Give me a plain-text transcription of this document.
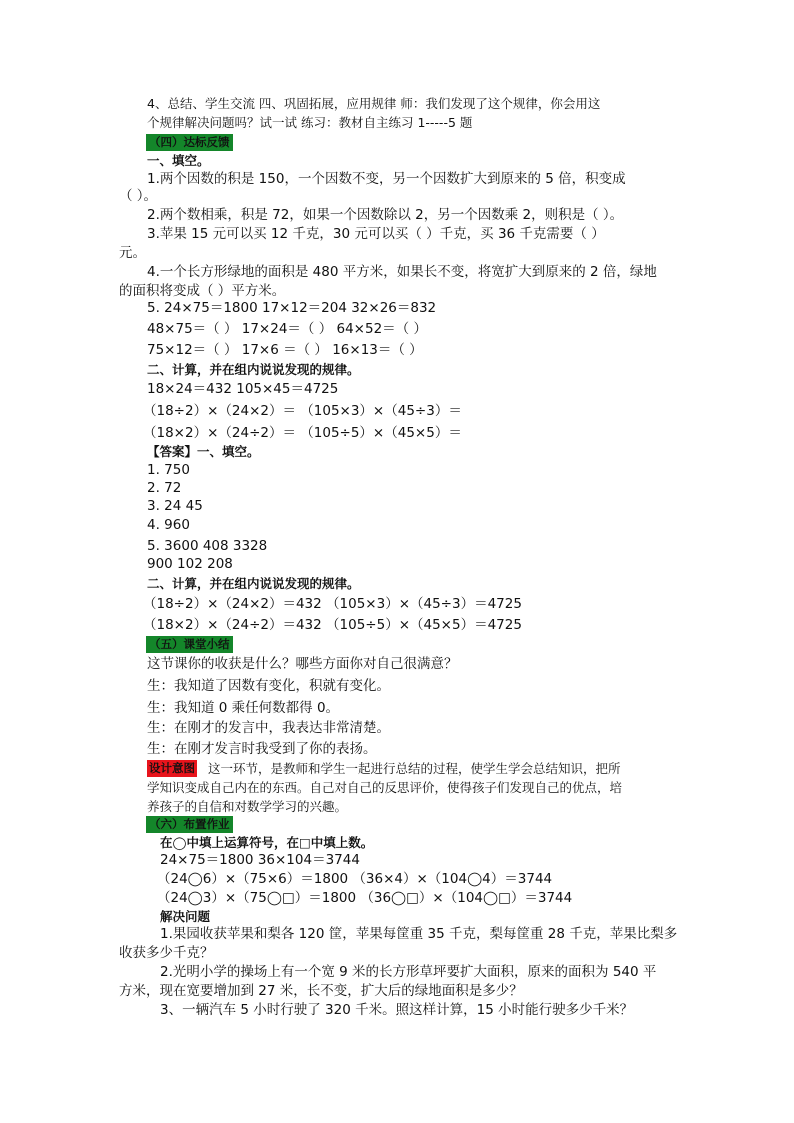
4、总结、学生交流 四、巩固拓展，应用规律 师：我们发现了这个规律，你会用这
个规律解决问题吗？试一试 练习：教材自主练习 1-----5 题
（四）达标反馈
一、填空。
1.两个因数的积是 150，一个因数不变，另一个因数扩大到原来的 5 倍，积变成
（ ）。
2.两个数相乘，积是 72，如果一个因数除以 2，另一个因数乘 2，则积是（ ）。
3.苹果 15 元可以买 12 千克，30 元可以买（ ）千克，买 36 千克需要（ ）
元。
4.一个长方形绿地的面积是 480 平方米，如果长不变，将宽扩大到原来的 2 倍，绿地
的面积将变成（ ）平方米。
5. 24×75＝1800 17×12＝204 32×26＝832
48×75＝（ ） 17×24＝（ ） 64×52＝（ ）
75×12＝（ ） 17×6 ＝（ ） 16×13＝（ ）
二、计算，并在组内说说发现的规律。
18×24＝432 105×45＝4725
（18÷2）×（24×2）＝ （105×3）×（45÷3）＝
（18×2）×（24÷2）＝ （105÷5）×（45×5）＝
【答案】一、填空。
1. 750
2. 72
3. 24 45
4. 960
5. 3600 408 3328
900 102 208
二、计算，并在组内说说发现的规律。
（18÷2）×（24×2）＝432 （105×3）×（45÷3）＝4725
（18×2）×（24÷2）＝432 （105÷5）×（45×5）＝4725
（五）课堂小结
这节课你的收获是什么？哪些方面你对自己很满意？
生：我知道了因数有变化，积就有变化。
生：我知道 0 乘任何数都得 0。
生：在刚才的发言中，我表达非常清楚。
生：在刚才发言时我受到了你的表扬。
设计意图 这一环节，是教师和学生一起进行总结的过程，使学生学会总结知识，把所
学知识变成自己内在的东西。自己对自己的反思评价，使得孩子们发现自己的优点，培
养孩子的自信和对数学学习的兴趣。
（六）布置作业
在◯中填上运算符号，在□中填上数。
24×75＝1800 36×104＝3744
（24◯6）×（75×6）＝1800 （36×4）×（104◯4）＝3744
（24◯3）×（75◯□）＝1800 （36◯□）×（104◯□）＝3744
解决问题
1.果园收获苹果和梨各 120 筐，苹果每筐重 35 千克，梨每筐重 28 千克，苹果比梨多
收获多少千克？
2.光明小学的操场上有一个宽 9 米的长方形草坪要扩大面积，原来的面积为 540 平
方米，现在宽要增加到 27 米，长不变，扩大后的绿地面积是多少？
3、一辆汽车 5 小时行驶了 320 千米。照这样计算，15 小时能行驶多少千米？
